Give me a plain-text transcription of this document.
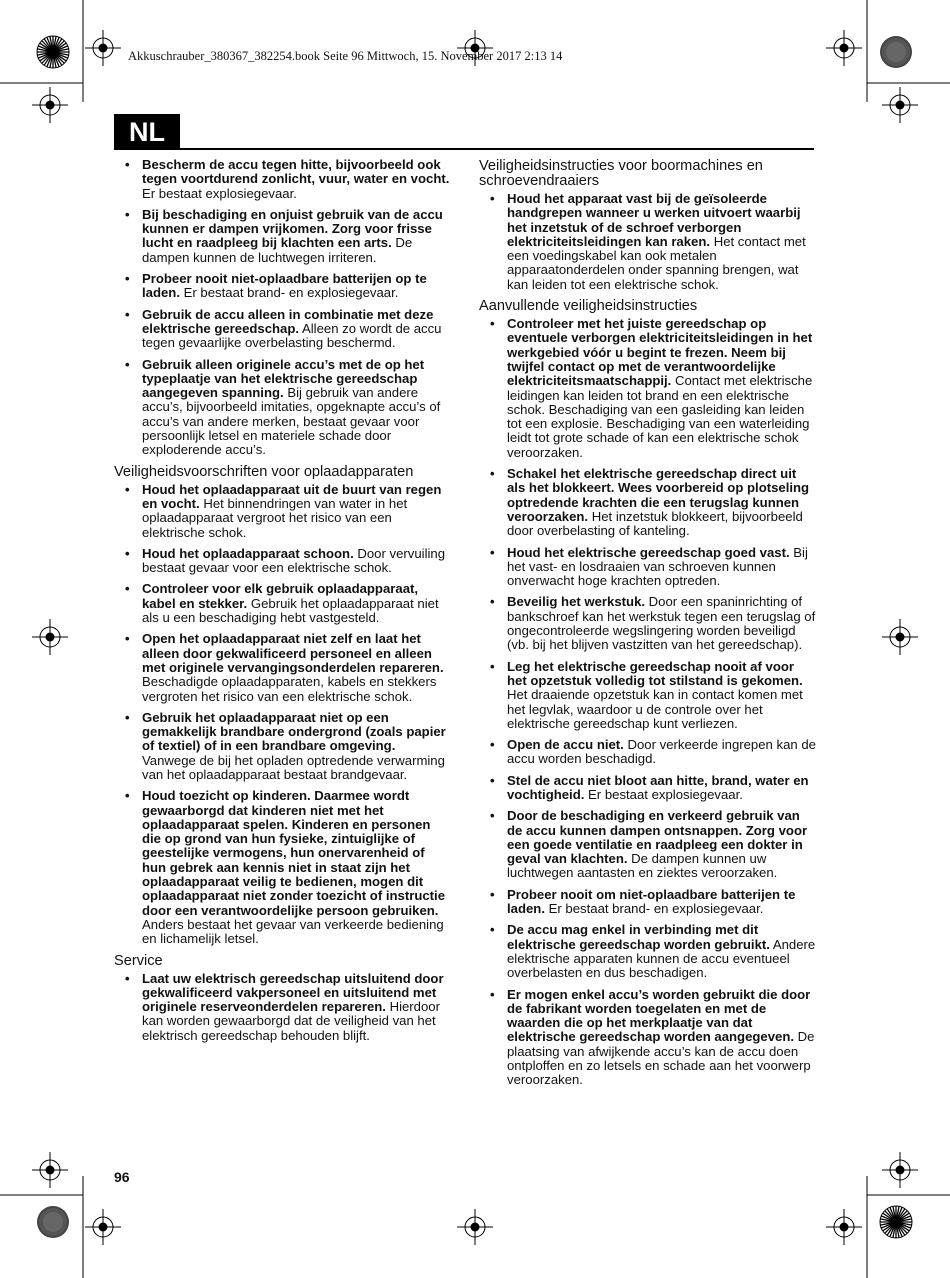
Akkuschrauber_380367_382254.book Seite 96 Mittwoch, 15. November 2017 2:13 14
NL
• Bescherm de accu tegen hitte, bijvoorbeeld ook tegen voortdurend zonlicht, vuur, water en vocht. Er bestaat explosiegevaar.
• Bij beschadiging en onjuist gebruik van de accu kunnen er dampen vrijkomen. Zorg voor frisse lucht en raadpleeg bij klachten een arts. De dampen kunnen de luchtwegen irriteren.
• Probeer nooit niet-oplaadbare batterijen op te laden. Er bestaat brand- en explosiegevaar.
• Gebruik de accu alleen in combinatie met deze elektrische gereedschap. Alleen zo wordt de accu tegen gevaarlijke overbelasting beschermd.
• Gebruik alleen originele accu’s met de op het typeplaatje van het elektrische gereedschap aangegeven spanning. Bij gebruik van andere accu’s, bijvoorbeeld imitaties, opgeknapte accu’s of accu’s van andere merken, bestaat gevaar voor persoonlijk letsel en materiele schade door exploderende accu’s.
Veiligheidsvoorschriften voor oplaadapparaten
• Houd het oplaadapparaat uit de buurt van regen en vocht. Het binnendringen van water in het oplaadapparaat vergroot het risico van een elektrische schok.
• Houd het oplaadapparaat schoon. Door vervuiling bestaat gevaar voor een elektrische schok.
• Controleer voor elk gebruik oplaadapparaat, kabel en stekker. Gebruik het oplaadapparaat niet als u een beschadiging hebt vastgesteld.
• Open het oplaadapparaat niet zelf en laat het alleen door gekwalificeerd personeel en alleen met originele vervangingsonderdelen repareren. Beschadigde oplaadapparaten, kabels en stekkers vergroten het risico van een elektrische schok.
• Gebruik het oplaadapparaat niet op een gemakkelijk brandbare ondergrond (zoals papier of textiel) of in een brandbare omgeving. Vanwege de bij het opladen optredende verwarming van het oplaadapparaat bestaat brandgevaar.
• Houd toezicht op kinderen. Daarmee wordt gewaarborgd dat kinderen niet met het oplaadapparaat spelen. Kinderen en personen die op grond van hun fysieke, zintuiglijke of geestelijke vermogens, hun onervarenheid of hun gebrek aan kennis niet in staat zijn het oplaadapparaat veilig te bedienen, mogen dit oplaadapparaat niet zonder toezicht of instructie door een verantwoordelijke persoon gebruiken. Anders bestaat het gevaar van verkeerde bediening en lichamelijk letsel.
Service
• Laat uw elektrisch gereedschap uitsluitend door gekwalificeerd vakpersoneel en uitsluitend met originele reserveonderdelen repareren. Hierdoor kan worden gewaarborgd dat de veiligheid van het elektrisch gereedschap behouden blijft.
Veiligheidsinstructies voor boormachines en schroevendraaiers
• Houd het apparaat vast bij de geïsoleerde handgrepen wanneer u werken uitvoert waarbij het inzetstuk of de schroef verborgen elektriciteitsleidingen kan raken. Het contact met een voedingskabel kan ook metalen apparaatonderdelen onder spanning brengen, wat kan leiden tot een elektrische schok.
Aanvullende veiligheidsinstructies
• Controleer met het juiste gereedschap op eventuele verborgen elektriciteitsleidingen in het werkgebied vóór u begint te frezen. Neem bij twijfel contact op met de verantwoordelijke elektriciteitsmaatschappij. Contact met elektrische leidingen kan leiden tot brand en een elektrische schok. Beschadiging van een gasleiding kan leiden tot een explosie. Beschadiging van een waterleiding leidt tot grote schade of kan een elektrische schok veroorzaken.
• Schakel het elektrische gereedschap direct uit als het blokkeert. Wees voorbereid op plotseling optredende krachten die een terugslag kunnen veroorzaken. Het inzetstuk blokkeert, bijvoorbeeld door overbelasting of kanteling.
• Houd het elektrische gereedschap goed vast. Bij het vast- en losdraaien van schroeven kunnen onverwacht hoge krachten optreden.
• Beveilig het werkstuk. Door een spaninrichting of bankschroef kan het werkstuk tegen een terugslag of ongecontroleerde wegslingering worden beveiligd (vb. bij het blijven vastzitten van het gereedschap).
• Leg het elektrische gereedschap nooit af voor het opzetstuk volledig tot stilstand is gekomen. Het draaiende opzetstuk kan in contact komen met het legvlak, waardoor u de controle over het elektrische gereedschap kunt verliezen.
• Open de accu niet. Door verkeerde ingrepen kan de accu worden beschadigd.
• Stel de accu niet bloot aan hitte, brand, water en vochtigheid. Er bestaat explosiegevaar.
• Door de beschadiging en verkeerd gebruik van de accu kunnen dampen ontsnappen. Zorg voor een goede ventilatie en raadpleeg een dokter in geval van klachten. De dampen kunnen uw luchtwegen aantasten en ziektes veroorzaken.
• Probeer nooit om niet-oplaadbare batterijen te laden. Er bestaat brand- en explosiegevaar.
• De accu mag enkel in verbinding met dit elektrische gereedschap worden gebruikt. Andere elektrische apparaten kunnen de accu eventueel overbelasten en dus beschadigen.
• Er mogen enkel accu’s worden gebruikt die door de fabrikant worden toegelaten en met de waarden die op het merkplaatje van dat elektrische gereedschap worden aangegeven. De plaatsing van afwijkende accu’s kan de accu doen ontploffen en zo letsels en schade aan het voorwerp veroorzaken.
96
